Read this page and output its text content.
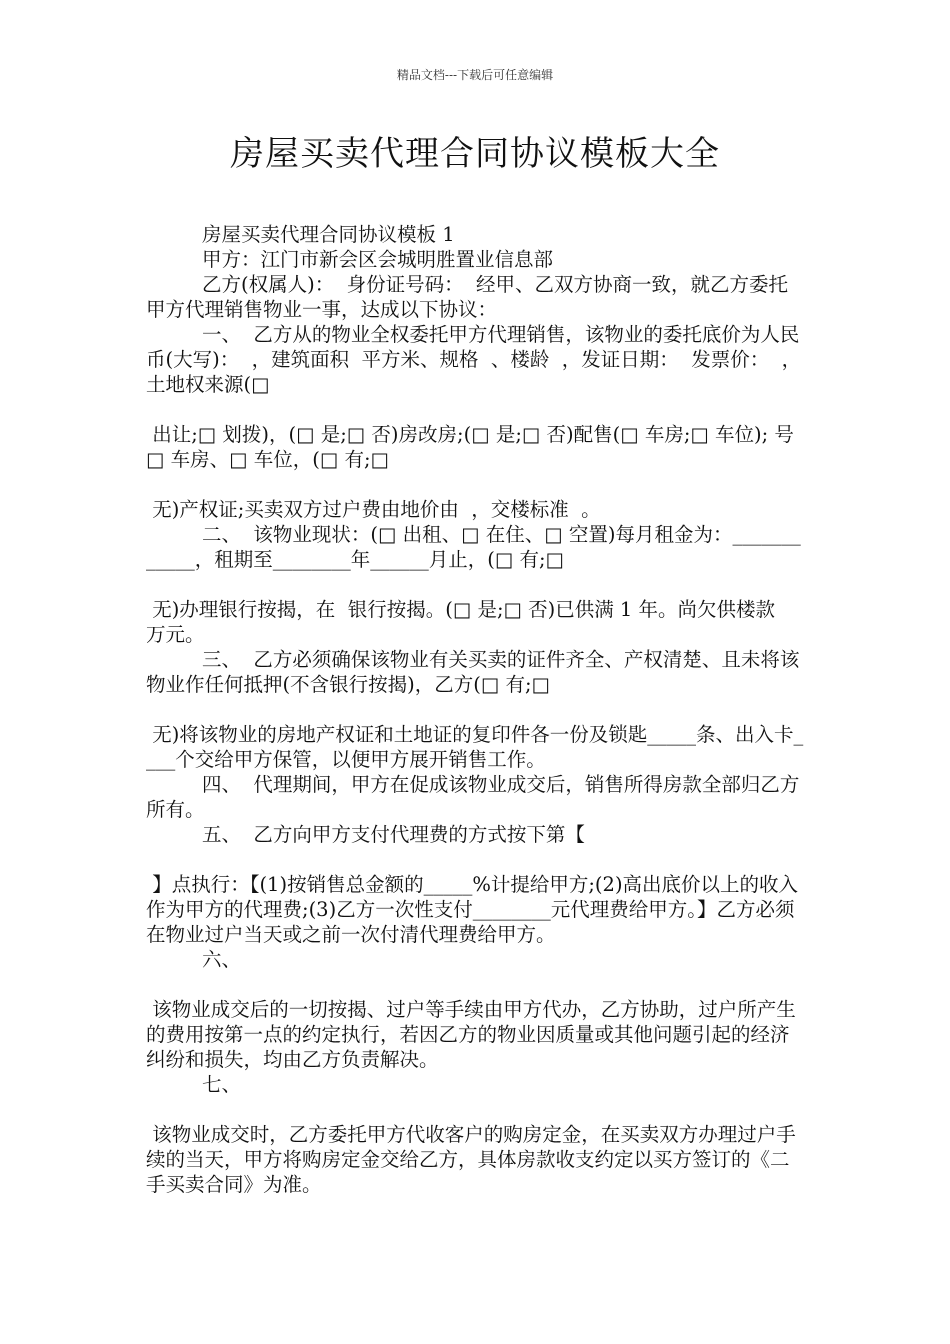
精品文档---下载后可任意编辑
房屋买卖代理合同协议模板大全

房屋买卖代理合同协议模板 1

甲方：江门市新会区会城明胜置业信息部

乙方(权属人)：  身份证号码：  经甲、乙双方协商一致，就乙方委托甲方代理销售物业一事，达成以下协议：

一、  乙方从的物业全权委托甲方代理销售，该物业的委托底价为人民币(大写)：  ，建筑面积  平方米、规格  、楼龄  ，发证日期：  发票价：  ，土地权来源(□

出让;□ 划拨)，(□ 是;□ 否)房改房;(□ 是;□ 否)配售(□ 车房;□ 车位); 号□ 车房、□ 车位，(□ 有;□

无)产权证;买卖双方过户费由地价由  ，交楼标准  。

二、  该物业现状：(□ 出租、□ 在住、□ 空置)每月租金为：____________，租期至________年______月止，(□ 有;□

无)办理银行按揭，在  银行按揭。(□ 是;□ 否)已供满 1 年。尚欠供楼款  万元。

三、  乙方必须确保该物业有关买卖的证件齐全、产权清楚、且未将该物业作任何抵押(不含银行按揭)，乙方(□ 有;□

无)将该物业的房地产权证和土地证的复印件各一份及锁匙_____条、出入卡____个交给甲方保管，以便甲方展开销售工作。

四、  代理期间，甲方在促成该物业成交后，销售所得房款全部归乙方所有。

五、  乙方向甲方支付代理费的方式按下第【

】点执行：【(1)按销售总金额的_____%计提给甲方;(2)高出底价以上的收入作为甲方的代理费;(3)乙方一次性支付________元代理费给甲方。】乙方必须在物业过户当天或之前一次付清代理费给甲方。

六、

该物业成交后的一切按揭、过户等手续由甲方代办，乙方协助，过户所产生的费用按第一点的约定执行，若因乙方的物业因质量或其他问题引起的经济纠纷和损失，均由乙方负责解决。

七、

该物业成交时，乙方委托甲方代收客户的购房定金，在买卖双方办理过户手续的当天，甲方将购房定金交给乙方，具体房款收支约定以买方签订的《二手买卖合同》为准。
